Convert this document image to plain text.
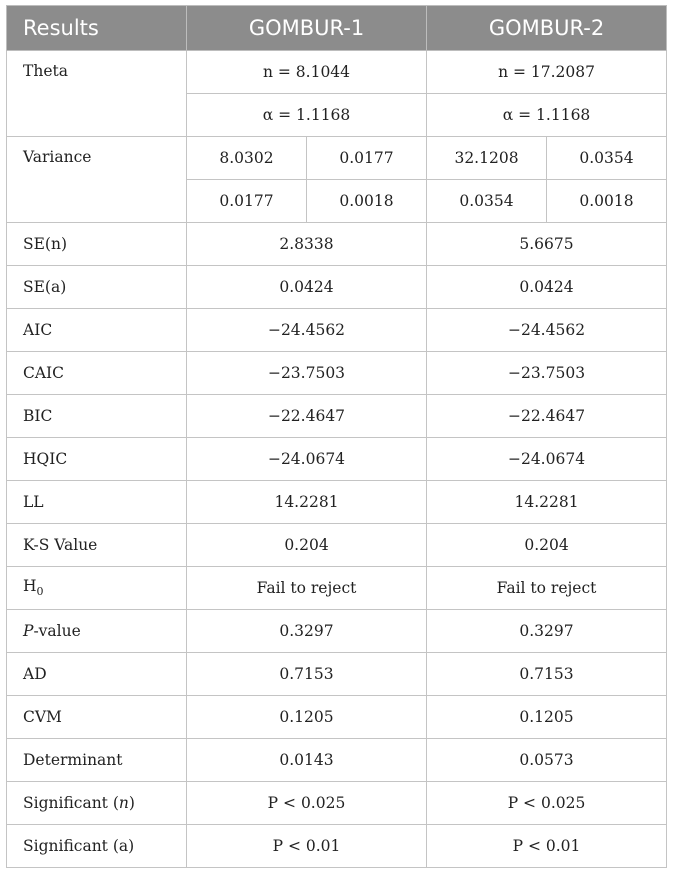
Results	GOMBUR-1		GOMBUR-2	
Theta	n = 8.1044		n = 17.2087	
	α = 1.1168		α = 1.1168	
Variance	8.0302	0.0177	32.1208	0.0354
	0.0177	0.0018	0.0354	0.0018
SE(n)	2.8338		5.6675	
SE(a)	0.0424		0.0424	
AIC	−24.4562		−24.4562	
CAIC	−23.7503		−23.7503	
BIC	−22.4647		−22.4647	
HQIC	−24.0674		−24.0674	
LL	14.2281		14.2281	
K-S Value	0.204		0.204	
$H_0$	Fail to reject		Fail to reject	
P-value	0.3297		0.3297	
AD	0.7153		0.7153	
CVM	0.1205		0.1205	
Determinant	0.0143		0.0573	
Significant (n)	P < 0.025		P < 0.025	
Significant (a)	P < 0.01		P < 0.01	
